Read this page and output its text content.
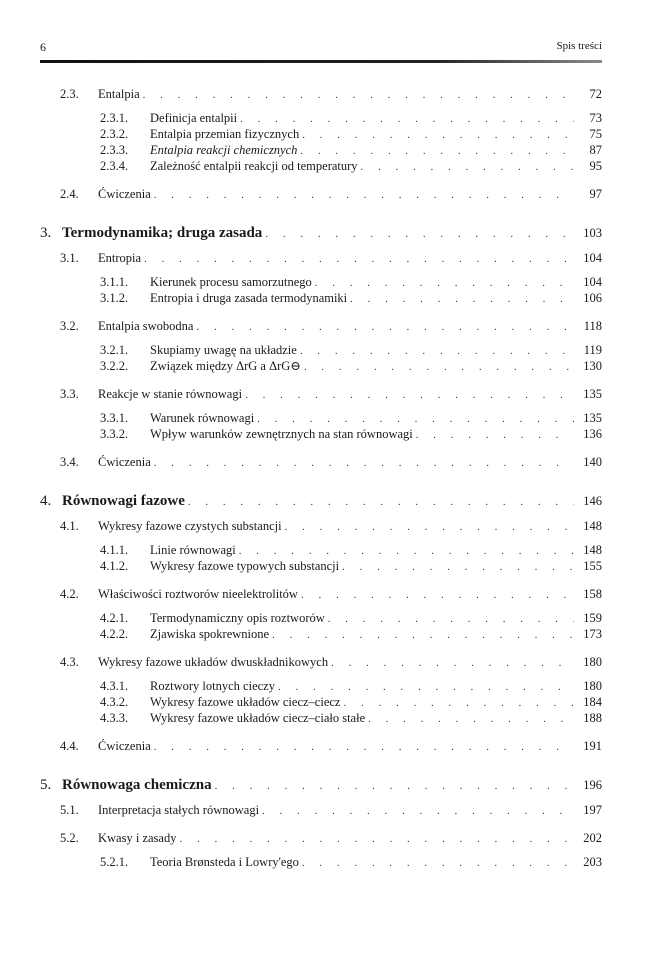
6	Spis treści
2.3.	Entalpia . . .	72
2.3.1.	Definicja entalpii . . .	73
2.3.2.	Entalpia przemian fizycznych . . .	75
2.3.3.	Entalpia reakcji chemicznych . . .	87
2.3.4.	Zależność entalpii reakcji od temperatury . . .	95
2.4.	Ćwiczenia . . .	97
3. Termodynamika; druga zasada . . .	103
3.1.	Entropia . . .	104
3.1.1.	Kierunek procesu samorzutnego . . .	104
3.1.2.	Entropia i druga zasada termodynamiki . . .	106
3.2.	Entalpia swobodna . . .	118
3.2.1.	Skupiamy uwagę na układzie . . .	119
3.2.2.	Związek między ΔrG a ΔrG⊖ . . .	130
3.3.	Reakcje w stanie równowagi . . .	135
3.3.1.	Warunek równowagi . . .	135
3.3.2.	Wpływ warunków zewnętrznych na stan równowagi . . .	136
3.4.	Ćwiczenia . . .	140
4. Równowagi fazowe . . .	146
4.1.	Wykresy fazowe czystych substancji . . .	148
4.1.1.	Linie równowagi . . .	148
4.1.2.	Wykresy fazowe typowych substancji . . .	155
4.2.	Właściwości roztworów nieelektrolitów . . .	158
4.2.1.	Termodynamiczny opis roztworów . . .	159
4.2.2.	Zjawiska spokrewnione . . .	173
4.3.	Wykresy fazowe układów dwuskładnikowych . . .	180
4.3.1.	Roztwory lotnych cieczy . . .	180
4.3.2.	Wykresy fazowe układów ciecz–ciecz . . .	184
4.3.3.	Wykresy fazowe układów ciecz–ciało stałe . . .	188
4.4.	Ćwiczenia . . .	191
5. Równowaga chemiczna . . .	196
5.1.	Interpretacja stałych równowagi . . .	197
5.2.	Kwasy i zasady . . .	202
5.2.1.	Teoria Brønsteda i Lowry'ego . . .	203
